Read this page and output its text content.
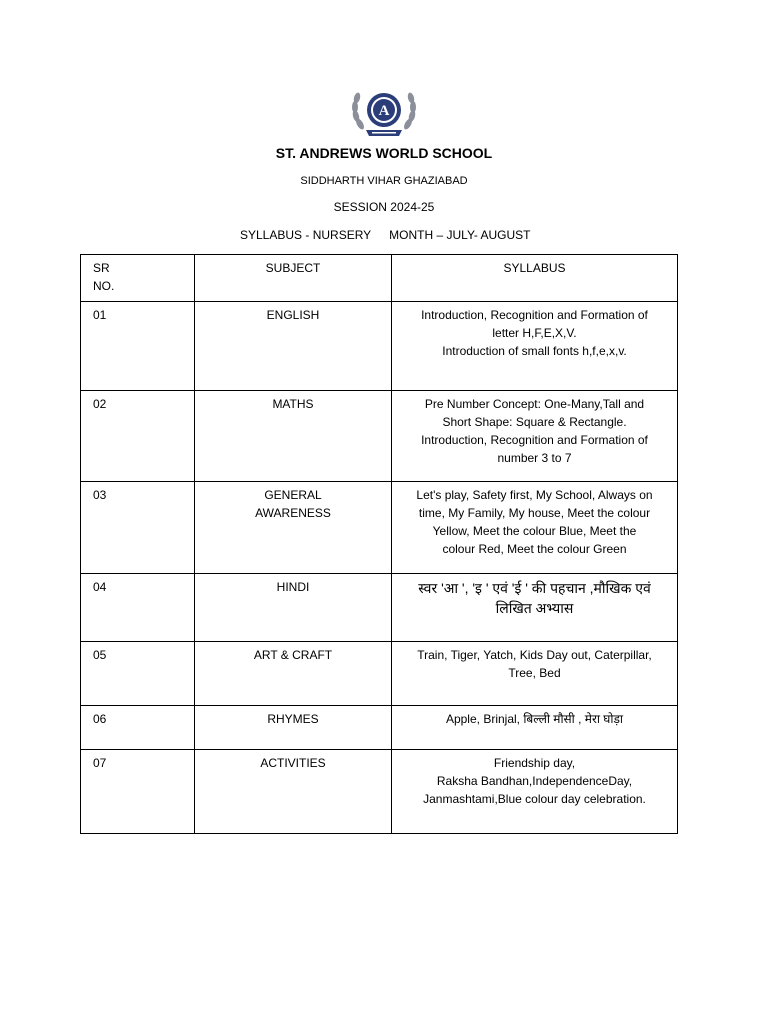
A
ST. ANDREWS WORLD SCHOOL
SIDDHARTH VIHAR GHAZIABAD
SESSION 2024-25
SYLLABUS - NURSERY MONTH – JULY- AUGUST
SR
NO.	SUBJECT	SYLLABUS
01	ENGLISH	Introduction, Recognition and Formation of
letter H,F,E,X,V.
Introduction of small fonts h,f,e,x,v.

02	MATHS	Pre Number Concept: One-Many,Tall and
Short Shape: Square & Rectangle.
Introduction, Recognition and Formation of
number 3 to 7

03	GENERAL
AWARENESS	Let's play, Safety first, My School, Always on
time, My Family, My house, Meet the colour
Yellow, Meet the colour Blue, Meet the
colour Red, Meet the colour Green

04	HINDI	स्वर 'आ ', 'इ ' एवं 'ई ' की पहचान ,मौखिक एवं
लिखित अभ्यास

05	ART & CRAFT	Train, Tiger, Yatch, Kids Day out, Caterpillar,
Tree, Bed

06	RHYMES	Apple, Brinjal, बिल्ली मौसी , मेरा घोड़ा

07	ACTIVITIES	Friendship day,
Raksha Bandhan,IndependenceDay,
Janmashtami,Blue colour day celebration.
